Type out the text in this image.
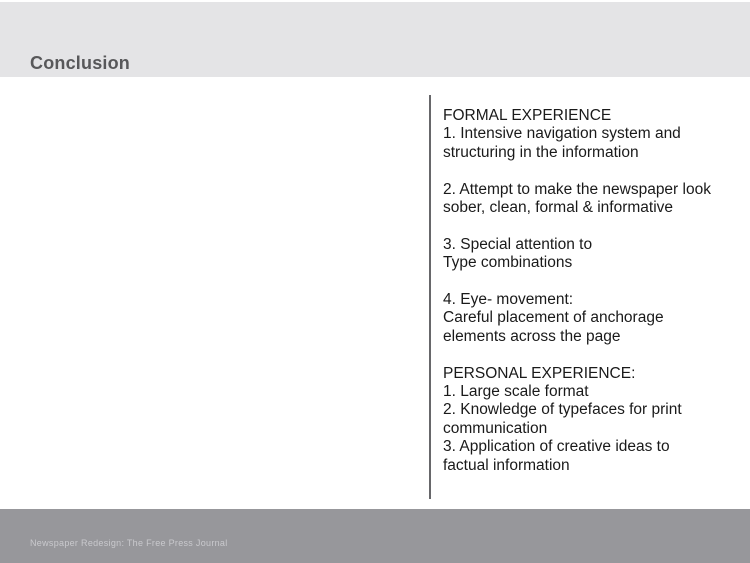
Conclusion
FORMAL EXPERIENCE
1. Intensive navigation system and
structuring in the information
2. Attempt to make the newspaper look
sober, clean, formal & informative
3. Special attention to
Type combinations
4. Eye- movement:
Careful placement of anchorage
elements across the page
PERSONAL EXPERIENCE:
1. Large scale format
2. Knowledge of typefaces for print
communication
3. Application of creative ideas to
factual information
Newspaper Redesign: The Free Press Journal
